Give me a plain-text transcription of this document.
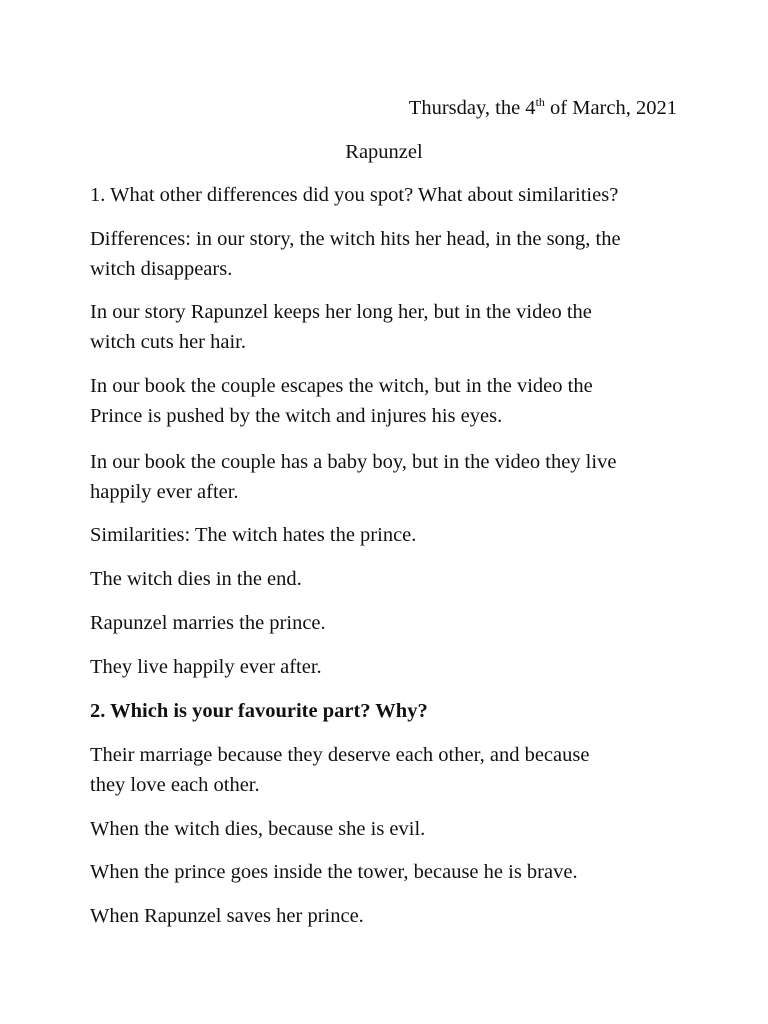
Thursday, the 4th of March, 2021
Rapunzel

1. What other differences did you spot? What about similarities?

Differences: in our story, the witch hits her head, in the song, the

witch disappears.

In our story Rapunzel keeps her long her, but in the video the

witch cuts her hair.

In our book the couple escapes the witch, but in the video the

Prince is pushed by the witch and injures his eyes.

In our book the couple has a baby boy, but in the video they live

happily ever after.

Similarities: The witch hates the prince.

The witch dies in the end.

Rapunzel marries the prince.

They live happily ever after.

2. Which is your favourite part? Why?

Their marriage because they deserve each other, and because

they love each other.

When the witch dies, because she is evil.

When the prince goes inside the tower, because he is brave.

When Rapunzel saves her prince.
